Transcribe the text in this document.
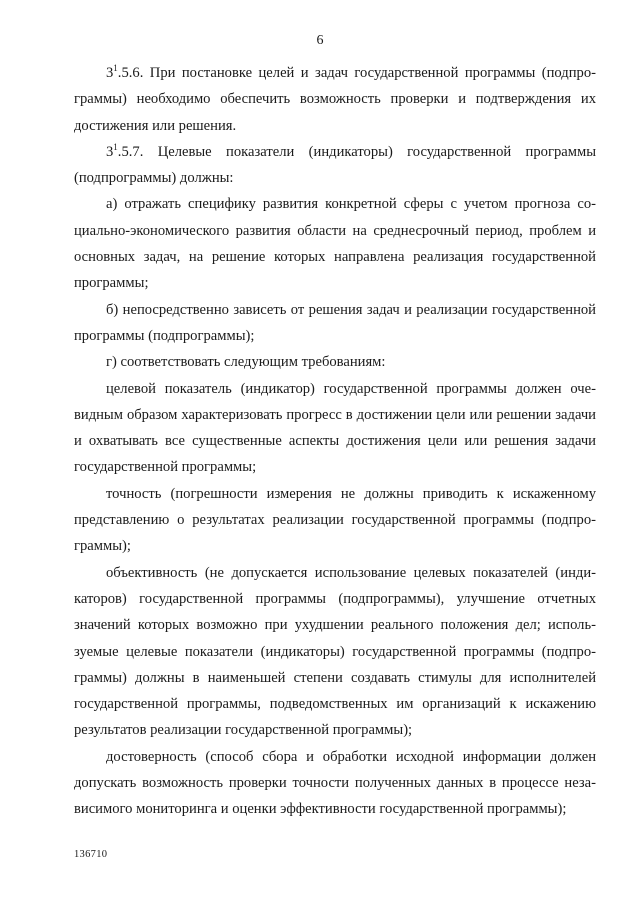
6

$3^1.5.6$. При постановке целей и задач государственной программы (подпрограммы) необходимо обеспечить возможность проверки и подтверждения их достижения или решения.

$3^1.5.7$. Целевые показатели (индикаторы) государственной программы (подпрограммы) должны:

а) отражать специфику развития конкретной сферы с учетом прогноза социально-экономического развития области на среднесрочный период, проблем и основных задач, на решение которых направлена реализация государственной программы;

б) непосредственно зависеть от решения задач и реализации государственной программы (подпрограммы);

г) соответствовать следующим требованиям:

целевой показатель (индикатор) государственной программы должен очевидным образом характеризовать прогресс в достижении цели или решении задачи и охватывать все существенные аспекты достижения цели или решения задачи государственной программы;

точность (погрешности измерения не должны приводить к искаженному представлению о результатах реализации государственной программы (подпрограммы);

объективность (не допускается использование целевых показателей (индикаторов) государственной программы (подпрограммы), улучшение отчетных значений которых возможно при ухудшении реального положения дел; используемые целевые показатели (индикаторы) государственной программы (подпрограммы) должны в наименьшей степени создавать стимулы для исполнителей государственной программы, подведомственных им организаций к искажению результатов реализации государственной программы);

достоверность (способ сбора и обработки исходной информации должен допускать возможность проверки точности полученных данных в процессе независимого мониторинга и оценки эффективности государственной программы);

136710
